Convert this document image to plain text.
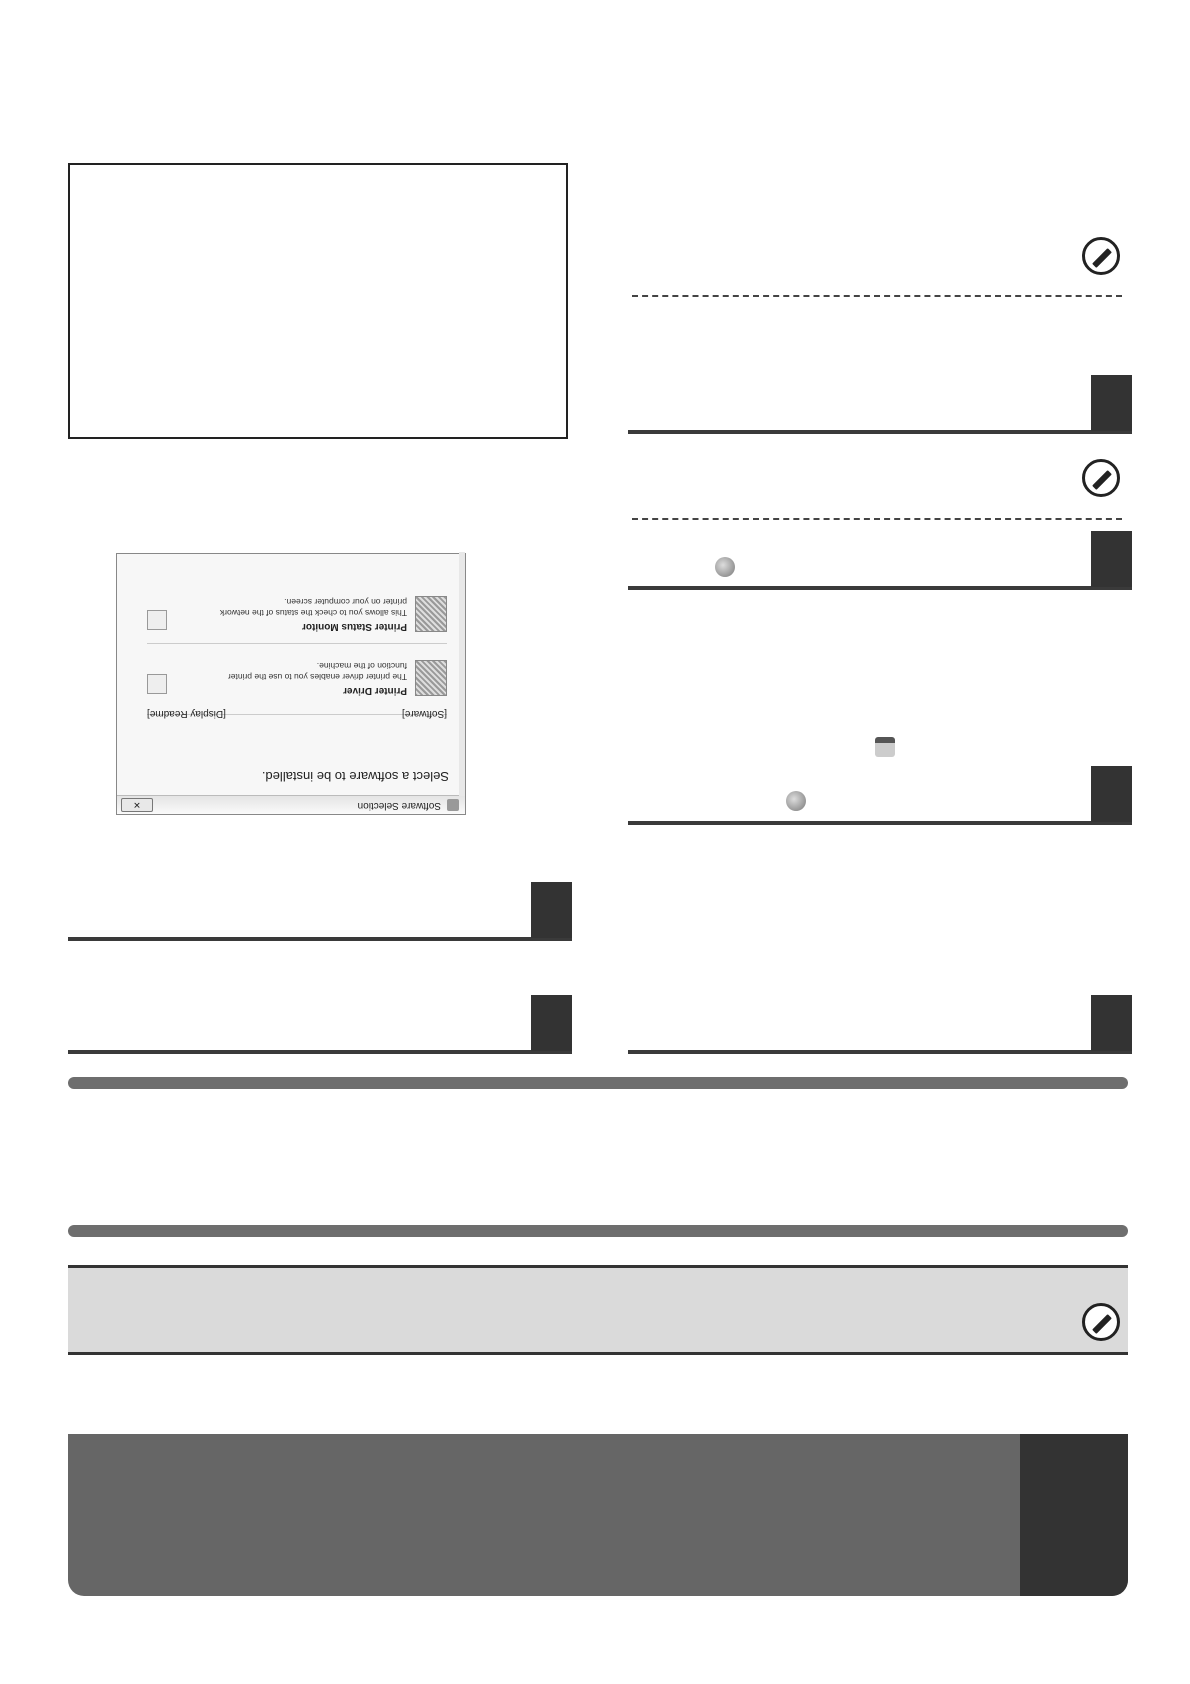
Software Selection
✕
Select a software to be installed.
[Software]
[Display Readme]
Printer Driver
The printer driver enables you to use the printer function of the machine.
Printer Status Monitor
This allows you to check the status of the network printer on your computer screen.
